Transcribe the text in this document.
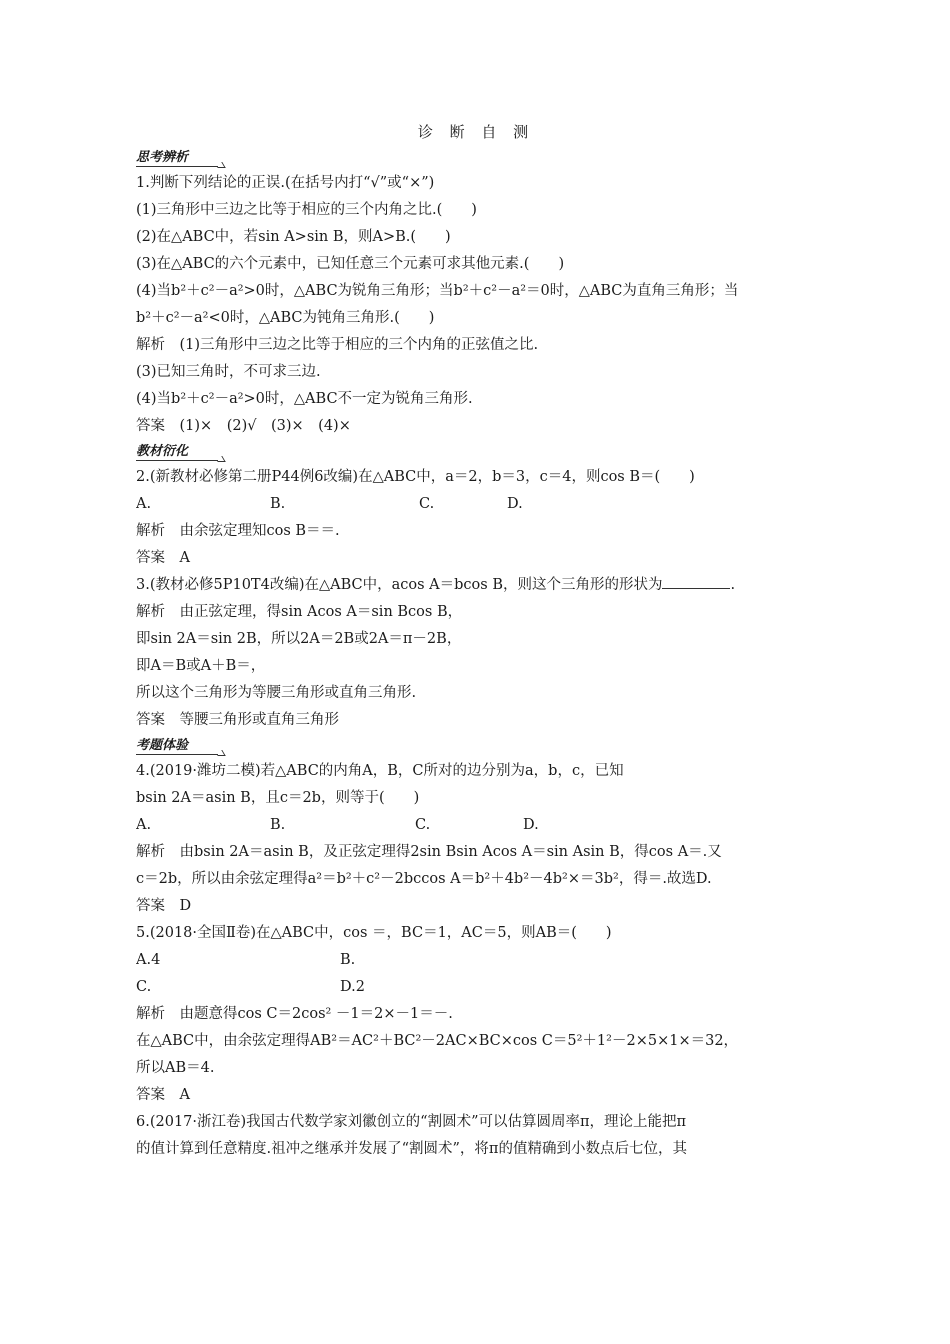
诊 断 自 测
思考辨析
1.判断下列结论的正误.(在括号内打“√”或“×”)
(1)三角形中三边之比等于相应的三个内角之比.(　　)
(2)在△ABC中，若sin A>sin B，则A>B.(　　)
(3)在△ABC的六个元素中，已知任意三个元素可求其他元素.(　　)
(4)当b²＋c²－a²>0时，△ABC为锐角三角形；当b²＋c²－a²＝0时，△ABC为直角三角形；当
b²＋c²－a²<0时，△ABC为钝角三角形.(　　)
解析　(1)三角形中三边之比等于相应的三个内角的正弦值之比.
(3)已知三角时，不可求三边.
(4)当b²＋c²－a²>0时，△ABC不一定为锐角三角形.
答案　(1)×　(2)√　(3)×　(4)×
教材衍化
2.(新教材必修第二册P44例6改编)在△ABC中，a＝2，b＝3，c＝4，则cos B＝(　　)
A.	B.	C.	D.
解析　由余弦定理知cos B＝＝.
答案　A
3.(教材必修5P10T4改编)在△ABC中，acos A＝bcos B，则这个三角形的形状为	.
解析　由正弦定理，得sin Acos A＝sin Bcos B，
即sin 2A＝sin 2B，所以2A＝2B或2A＝π－2B，
即A＝B或A＋B＝，
所以这个三角形为等腰三角形或直角三角形.
答案　等腰三角形或直角三角形
考题体验
4.(2019·潍坊二模)若△ABC的内角A，B，C所对的边分别为a，b，c，已知
bsin 2A＝asin B，且c＝2b，则等于(　　)
A.	B.	C.	D.
解析　由bsin 2A＝asin B，及正弦定理得2sin Bsin Acos A＝sin Asin B，得cos A＝.又
c＝2b，所以由余弦定理得a²＝b²＋c²－2bccos A＝b²＋4b²－4b²×＝3b²，得＝.故选D.
答案　D
5.(2018·全国Ⅱ卷)在△ABC中，cos ＝，BC＝1，AC＝5，则AB＝(　　)
A.4	B.
C.	D.2
解析　由题意得cos C＝2cos² －1＝2×－1＝－.
在△ABC中，由余弦定理得AB²＝AC²＋BC²－2AC×BC×cos C＝5²＋1²－2×5×1×＝32，
所以AB＝4.
答案　A
6.(2017·浙江卷)我国古代数学家刘徽创立的“割圆术”可以估算圆周率π，理论上能把π
的值计算到任意精度.祖冲之继承并发展了“割圆术”，将π的值精确到小数点后七位，其
